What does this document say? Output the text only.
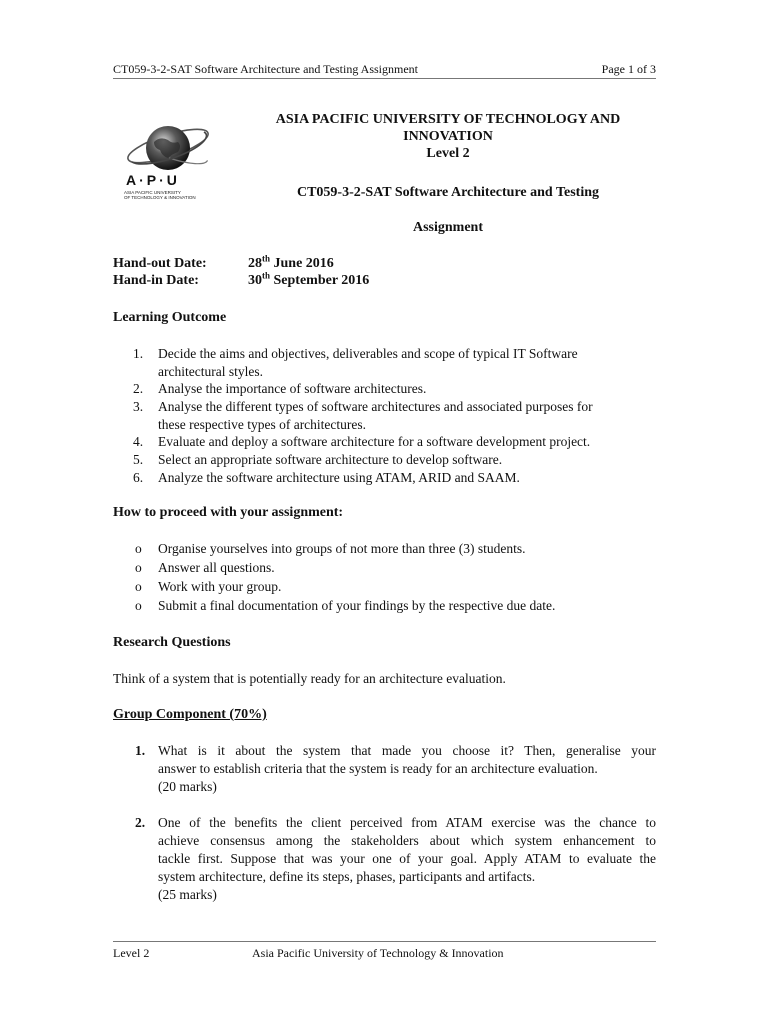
CT059-3-2-SAT Software Architecture and Testing Assignment	Page 1 of 3
A·P·U
ASIA PACIFIC UNIVERSITY
OF TECHNOLOGY & INNOVATION
ASIA PACIFIC UNIVERSITY OF TECHNOLOGY AND
INNOVATION
Level 2
CT059-3-2-SAT Software Architecture and Testing
Assignment
Hand-out Date:	28th June 2016
Hand-in Date:	30th September 2016
Learning Outcome
1. Decide the aims and objectives, deliverables and scope of typical IT Software
architectural styles.
2. Analyse the importance of software architectures.
3. Analyse the different types of software architectures and associated purposes for
these respective types of architectures.
4. Evaluate and deploy a software architecture for a software development project.
5. Select an appropriate software architecture to develop software.
6. Analyze the software architecture using ATAM, ARID and SAAM.
How to proceed with your assignment:
o Organise yourselves into groups of not more than three (3) students.
o Answer all questions.
o Work with your group.
o Submit a final documentation of your findings by the respective due date.
Research Questions
Think of a system that is potentially ready for an architecture evaluation.
Group Component (70%)
1. What is it about the system that made you choose it? Then, generalise your
answer to establish criteria that the system is ready for an architecture evaluation.
(20 marks)
2. One of the benefits the client perceived from ATAM exercise was the chance to
achieve consensus among the stakeholders about which system enhancement to
tackle first. Suppose that was your one of your goal. Apply ATAM to evaluate the
system architecture, define its steps, phases, participants and artifacts.
(25 marks)
Level 2	Asia Pacific University of Technology & Innovation
